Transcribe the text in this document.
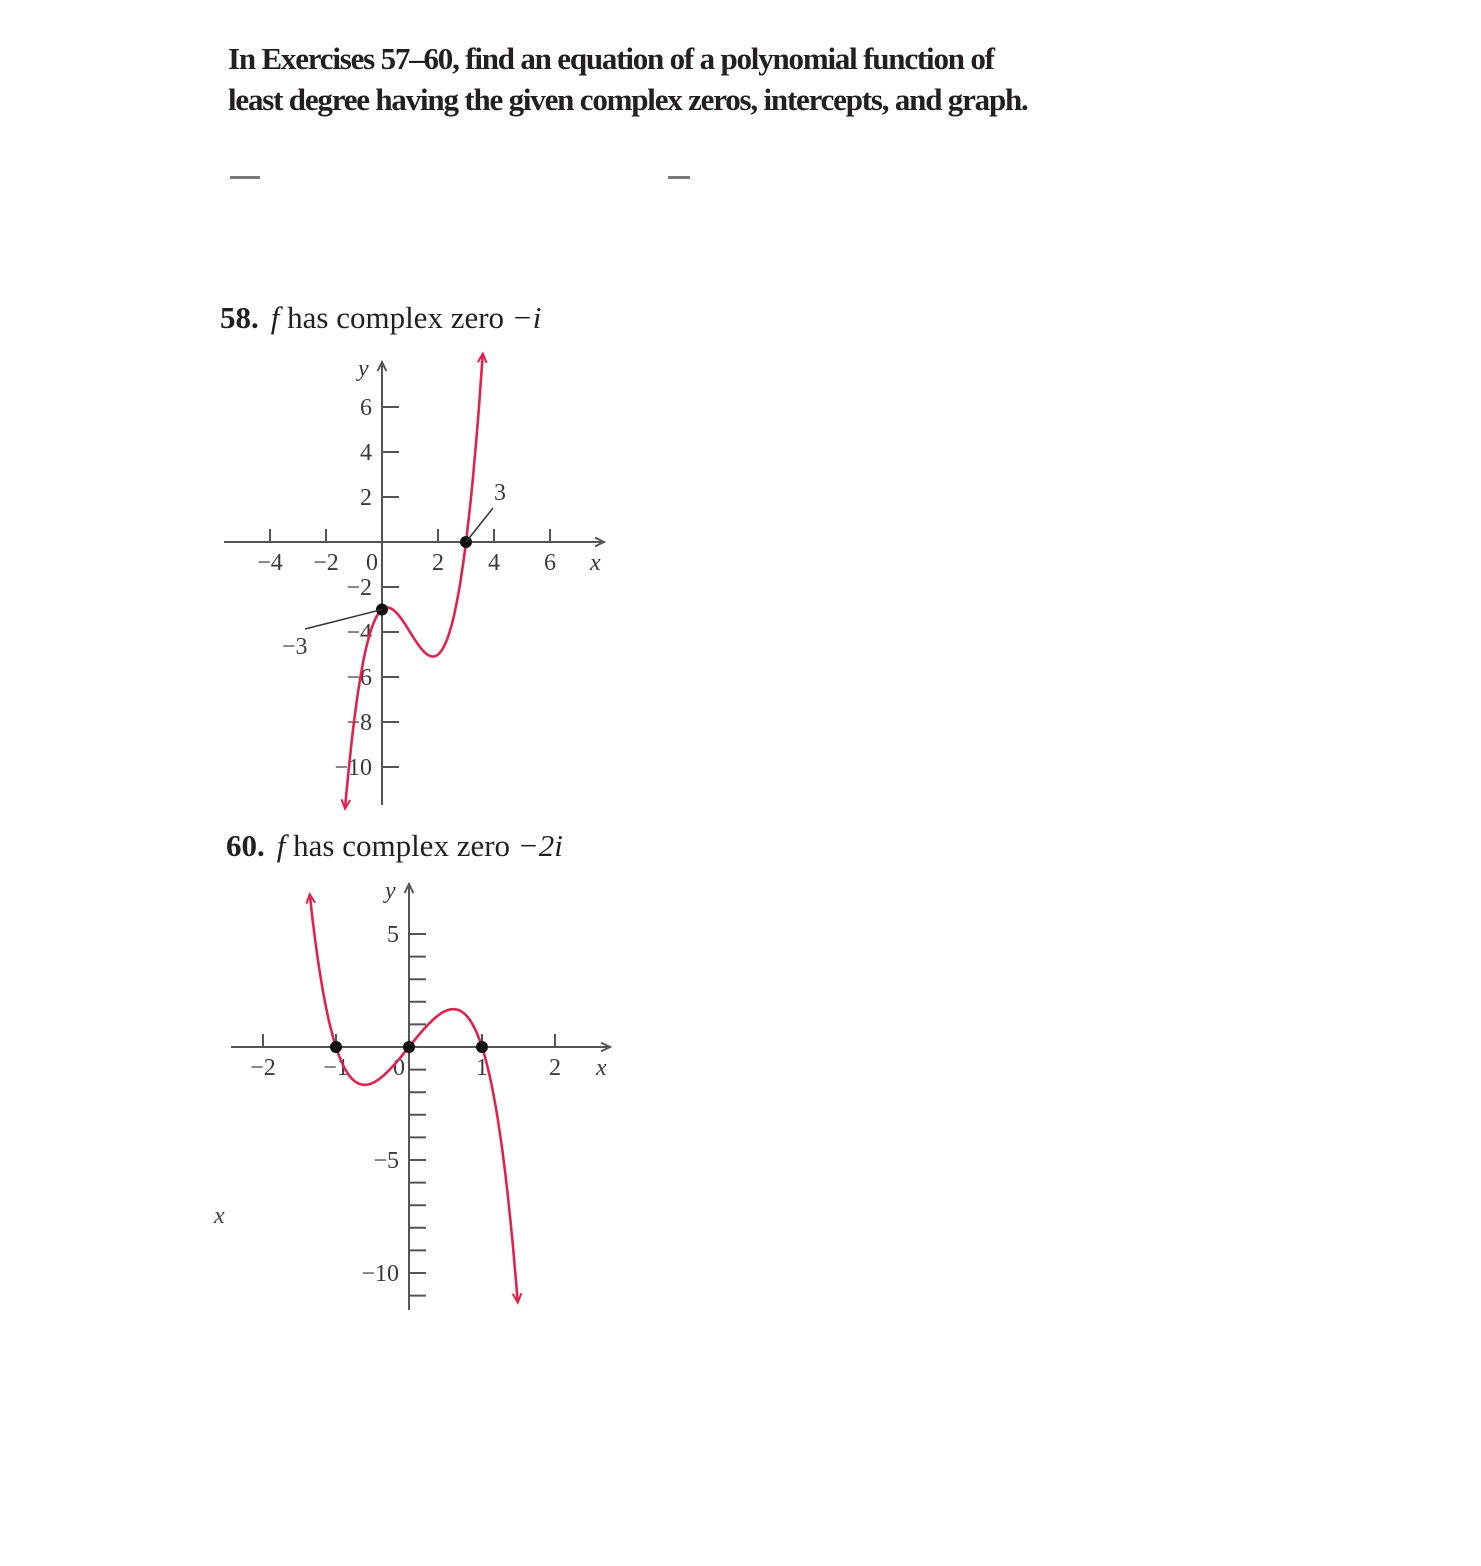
In Exercises 57–60, find an equation of a polynomial function of least degree having the given complex zeros, intercepts, and graph.
58. f has complex zero −i
60. f has complex zero −2i
x
x
y
−4 −2 0 2 4 6
6
4
2
−2
−4
−6
−8
−10
3
−3
x
y
−2 −1 0	1	2
5
−5
−10
